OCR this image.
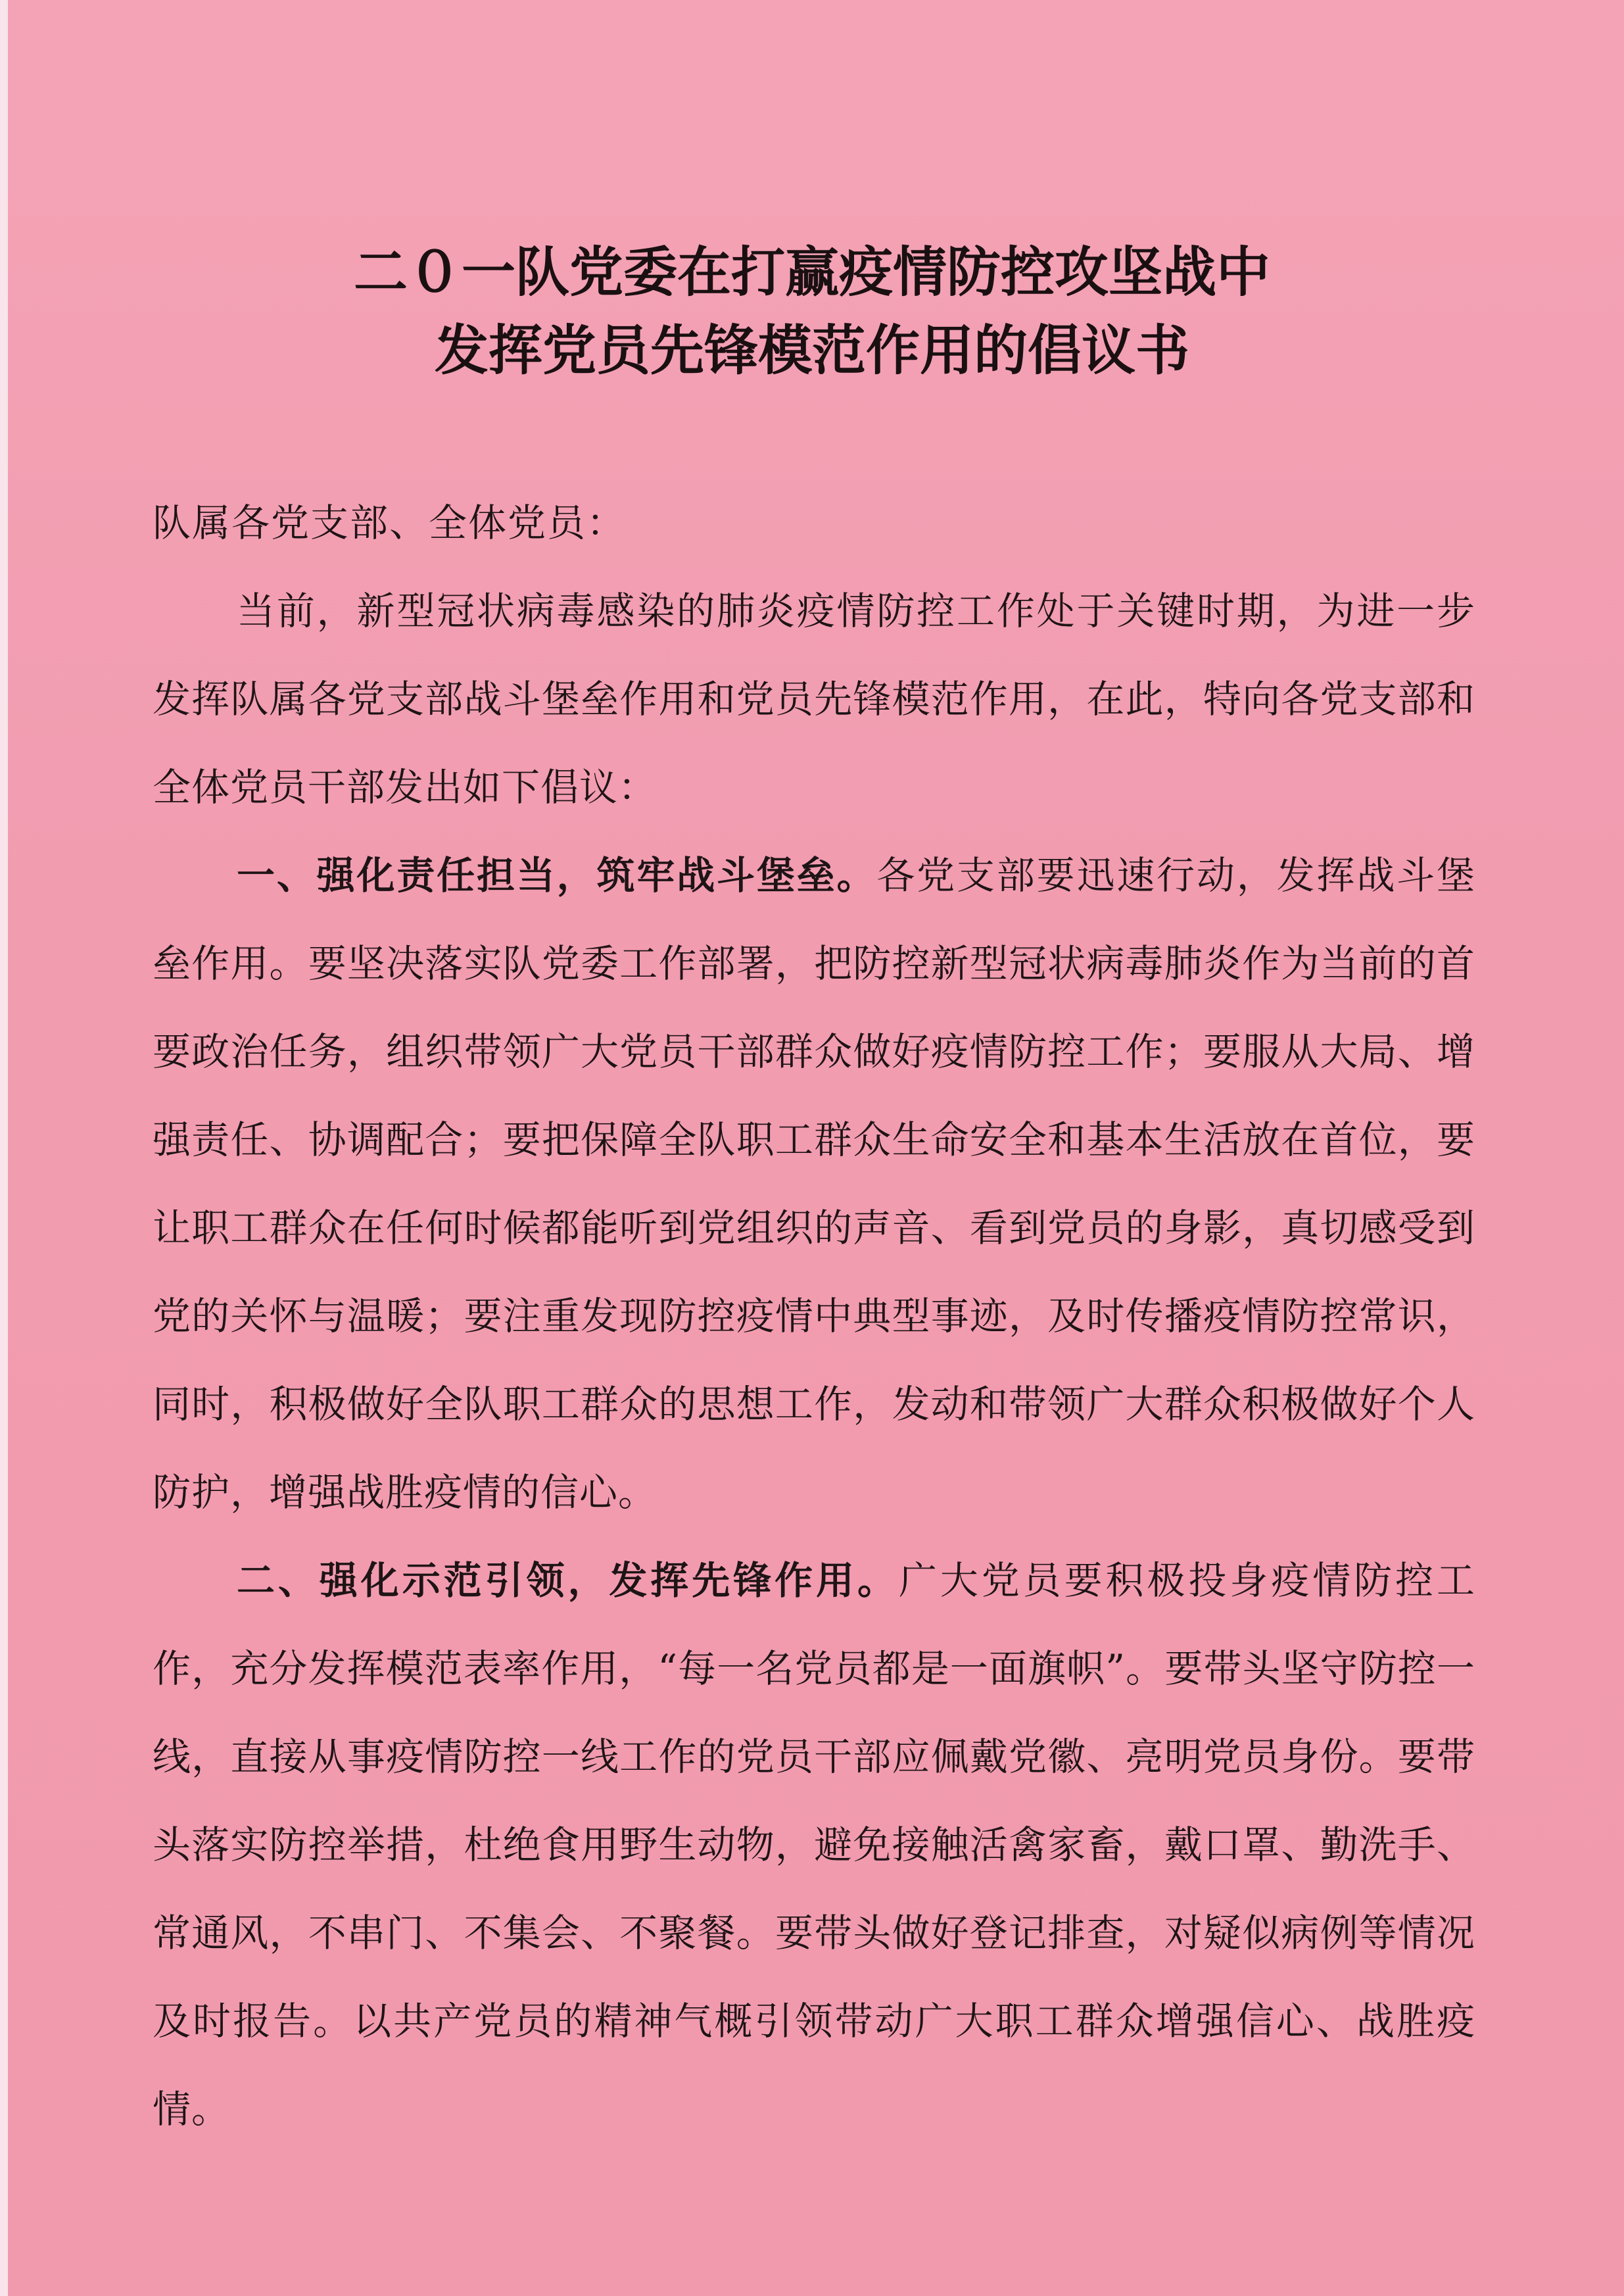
二０一队党委在打赢疫情防控攻坚战中
发挥党员先锋模范作用的倡议书

队属各党支部、全体党员：

当前，新型冠状病毒感染的肺炎疫情防控工作处于关键时期，为进一步发挥队属各党支部战斗堡垒作用和党员先锋模范作用，在此，特向各党支部和全体党员干部发出如下倡议：

一、强化责任担当，筑牢战斗堡垒。各党支部要迅速行动，发挥战斗堡垒作用。要坚决落实队党委工作部署，把防控新型冠状病毒肺炎作为当前的首要政治任务，组织带领广大党员干部群众做好疫情防控工作；要服从大局、增强责任、协调配合；要把保障全队职工群众生命安全和基本生活放在首位，要让职工群众在任何时候都能听到党组织的声音、看到党员的身影，真切感受到党的关怀与温暖；要注重发现防控疫情中典型事迹，及时传播疫情防控常识，同时，积极做好全队职工群众的思想工作，发动和带领广大群众积极做好个人防护，增强战胜疫情的信心。

二、强化示范引领，发挥先锋作用。广大党员要积极投身疫情防控工作，充分发挥模范表率作用，“每一名党员都是一面旗帜”。要带头坚守防控一线，直接从事疫情防控一线工作的党员干部应佩戴党徽、亮明党员身份。要带头落实防控举措，杜绝食用野生动物，避免接触活禽家畜，戴口罩、勤洗手、常通风，不串门、不集会、不聚餐。要带头做好登记排查，对疑似病例等情况及时报告。以共产党员的精神气概引领带动广大职工群众增强信心、战胜疫情。
